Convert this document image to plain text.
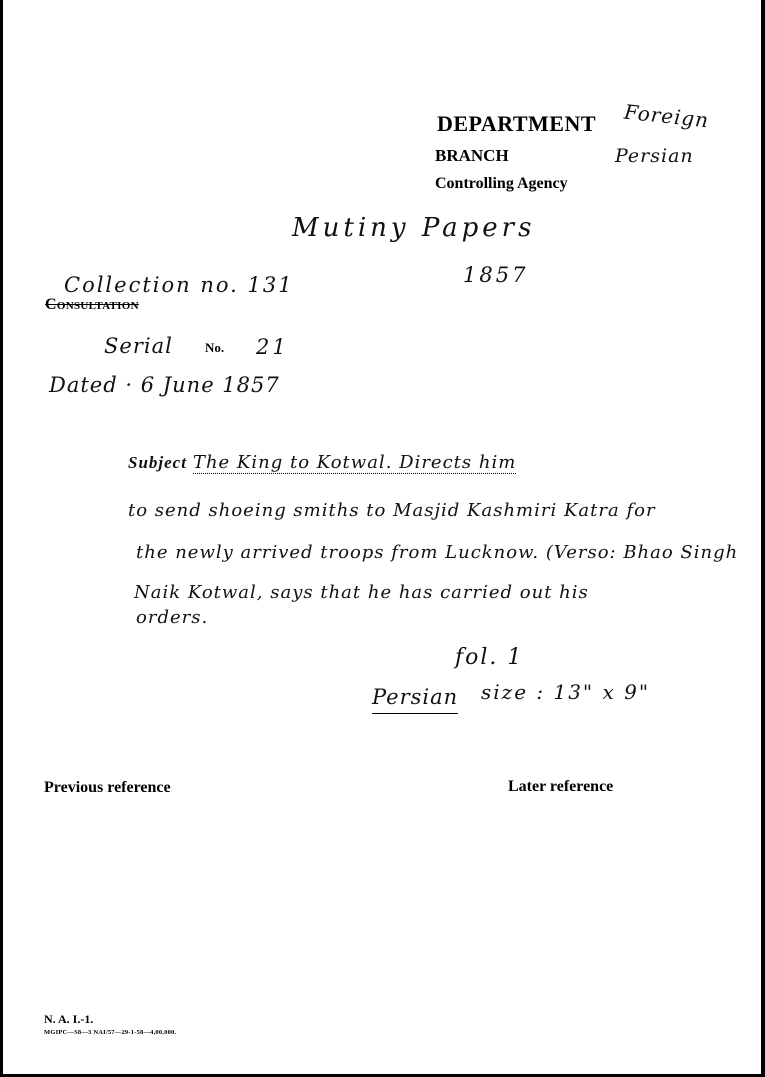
DEPARTMENT Foreign
BRANCH	Persian
Controlling Agency
Mutiny Papers
1857
Collection no. 131
Consultation
Serial No. 21
Dated · 6 June 1857
Subject The King to Kotwal. Directs him
to send shoeing smiths to Masjid Kashmiri Katra for
the newly arrived troops from Lucknow. (Verso: Bhao Singh
Naik Kotwal, says that he has carried out his
orders.
fol. 1
Persian size : 13" x 9"
Previous reference	Later reference
N. A. I.-1.
MGIPC—S8—3 NAI/57—29-1-58—4,00,000.
